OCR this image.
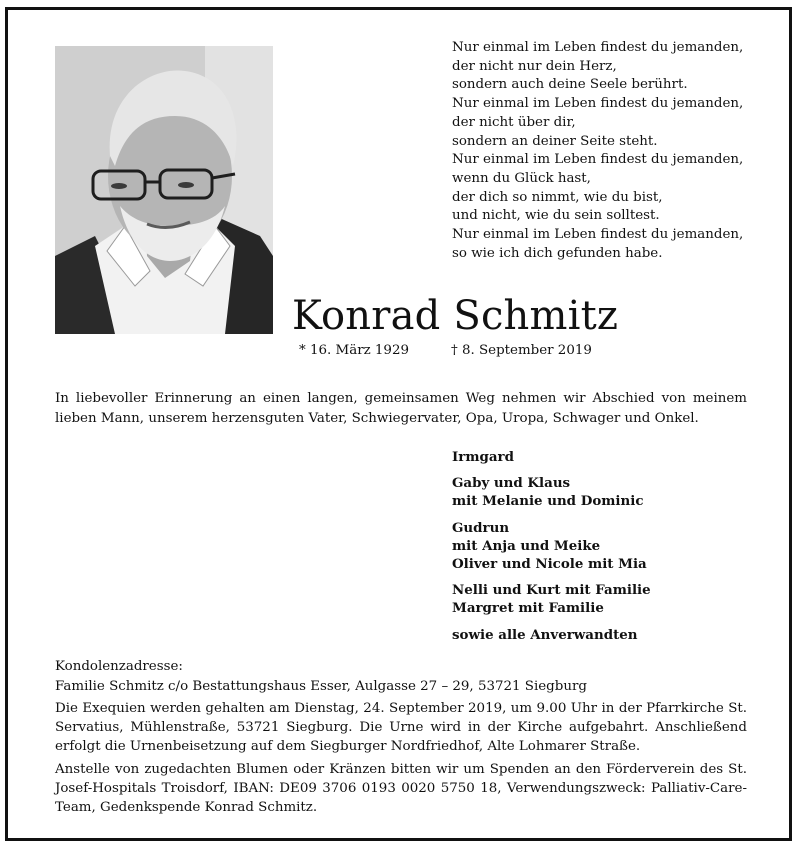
Nur einmal im Leben findest du jemanden,
der nicht nur dein Herz,
sondern auch deine Seele berührt.
Nur einmal im Leben findest du jemanden,
der nicht über dir,
sondern an deiner Seite steht.
Nur einmal im Leben findest du jemanden,
wenn du Glück hast,
der dich so nimmt, wie du bist,
und nicht, wie du sein solltest.
Nur einmal im Leben findest du jemanden,
so wie ich dich gefunden habe.
Konrad Schmitz
* 16. März 1929	† 8. September 2019

In liebevoller Erinnerung an einen langen, gemeinsamen Weg nehmen wir Abschied von meinem lieben Mann, unserem herzensguten Vater, Schwiegervater, Opa, Uropa, Schwager und Onkel.

Irmgard
Gaby und Klaus
mit Melanie und Dominic
Gudrun
mit Anja und Meike
Oliver und Nicole mit Mia
Nelli und Kurt mit Familie
Margret mit Familie
sowie alle Anverwandten
Kondolenzadresse:
Familie Schmitz c/o Bestattungshaus Esser, Aulgasse 27 – 29, 53721 Siegburg

Die Exequien werden gehalten am Dienstag, 24. September 2019, um 9.00 Uhr in der Pfarrkirche St. Servatius, Mühlenstraße, 53721 Siegburg. Die Urne wird in der Kirche aufgebahrt. Anschließend erfolgt die Urnenbeisetzung auf dem Siegburger Nordfriedhof, Alte Lohmarer Straße.

Anstelle von zugedachten Blumen oder Kränzen bitten wir um Spenden an den Förderverein des St. Josef-Hospitals Troisdorf, IBAN: DE09 3706 0193 0020 5750 18, Verwendungszweck: Palliativ-Care-Team, Gedenkspende Konrad Schmitz.
